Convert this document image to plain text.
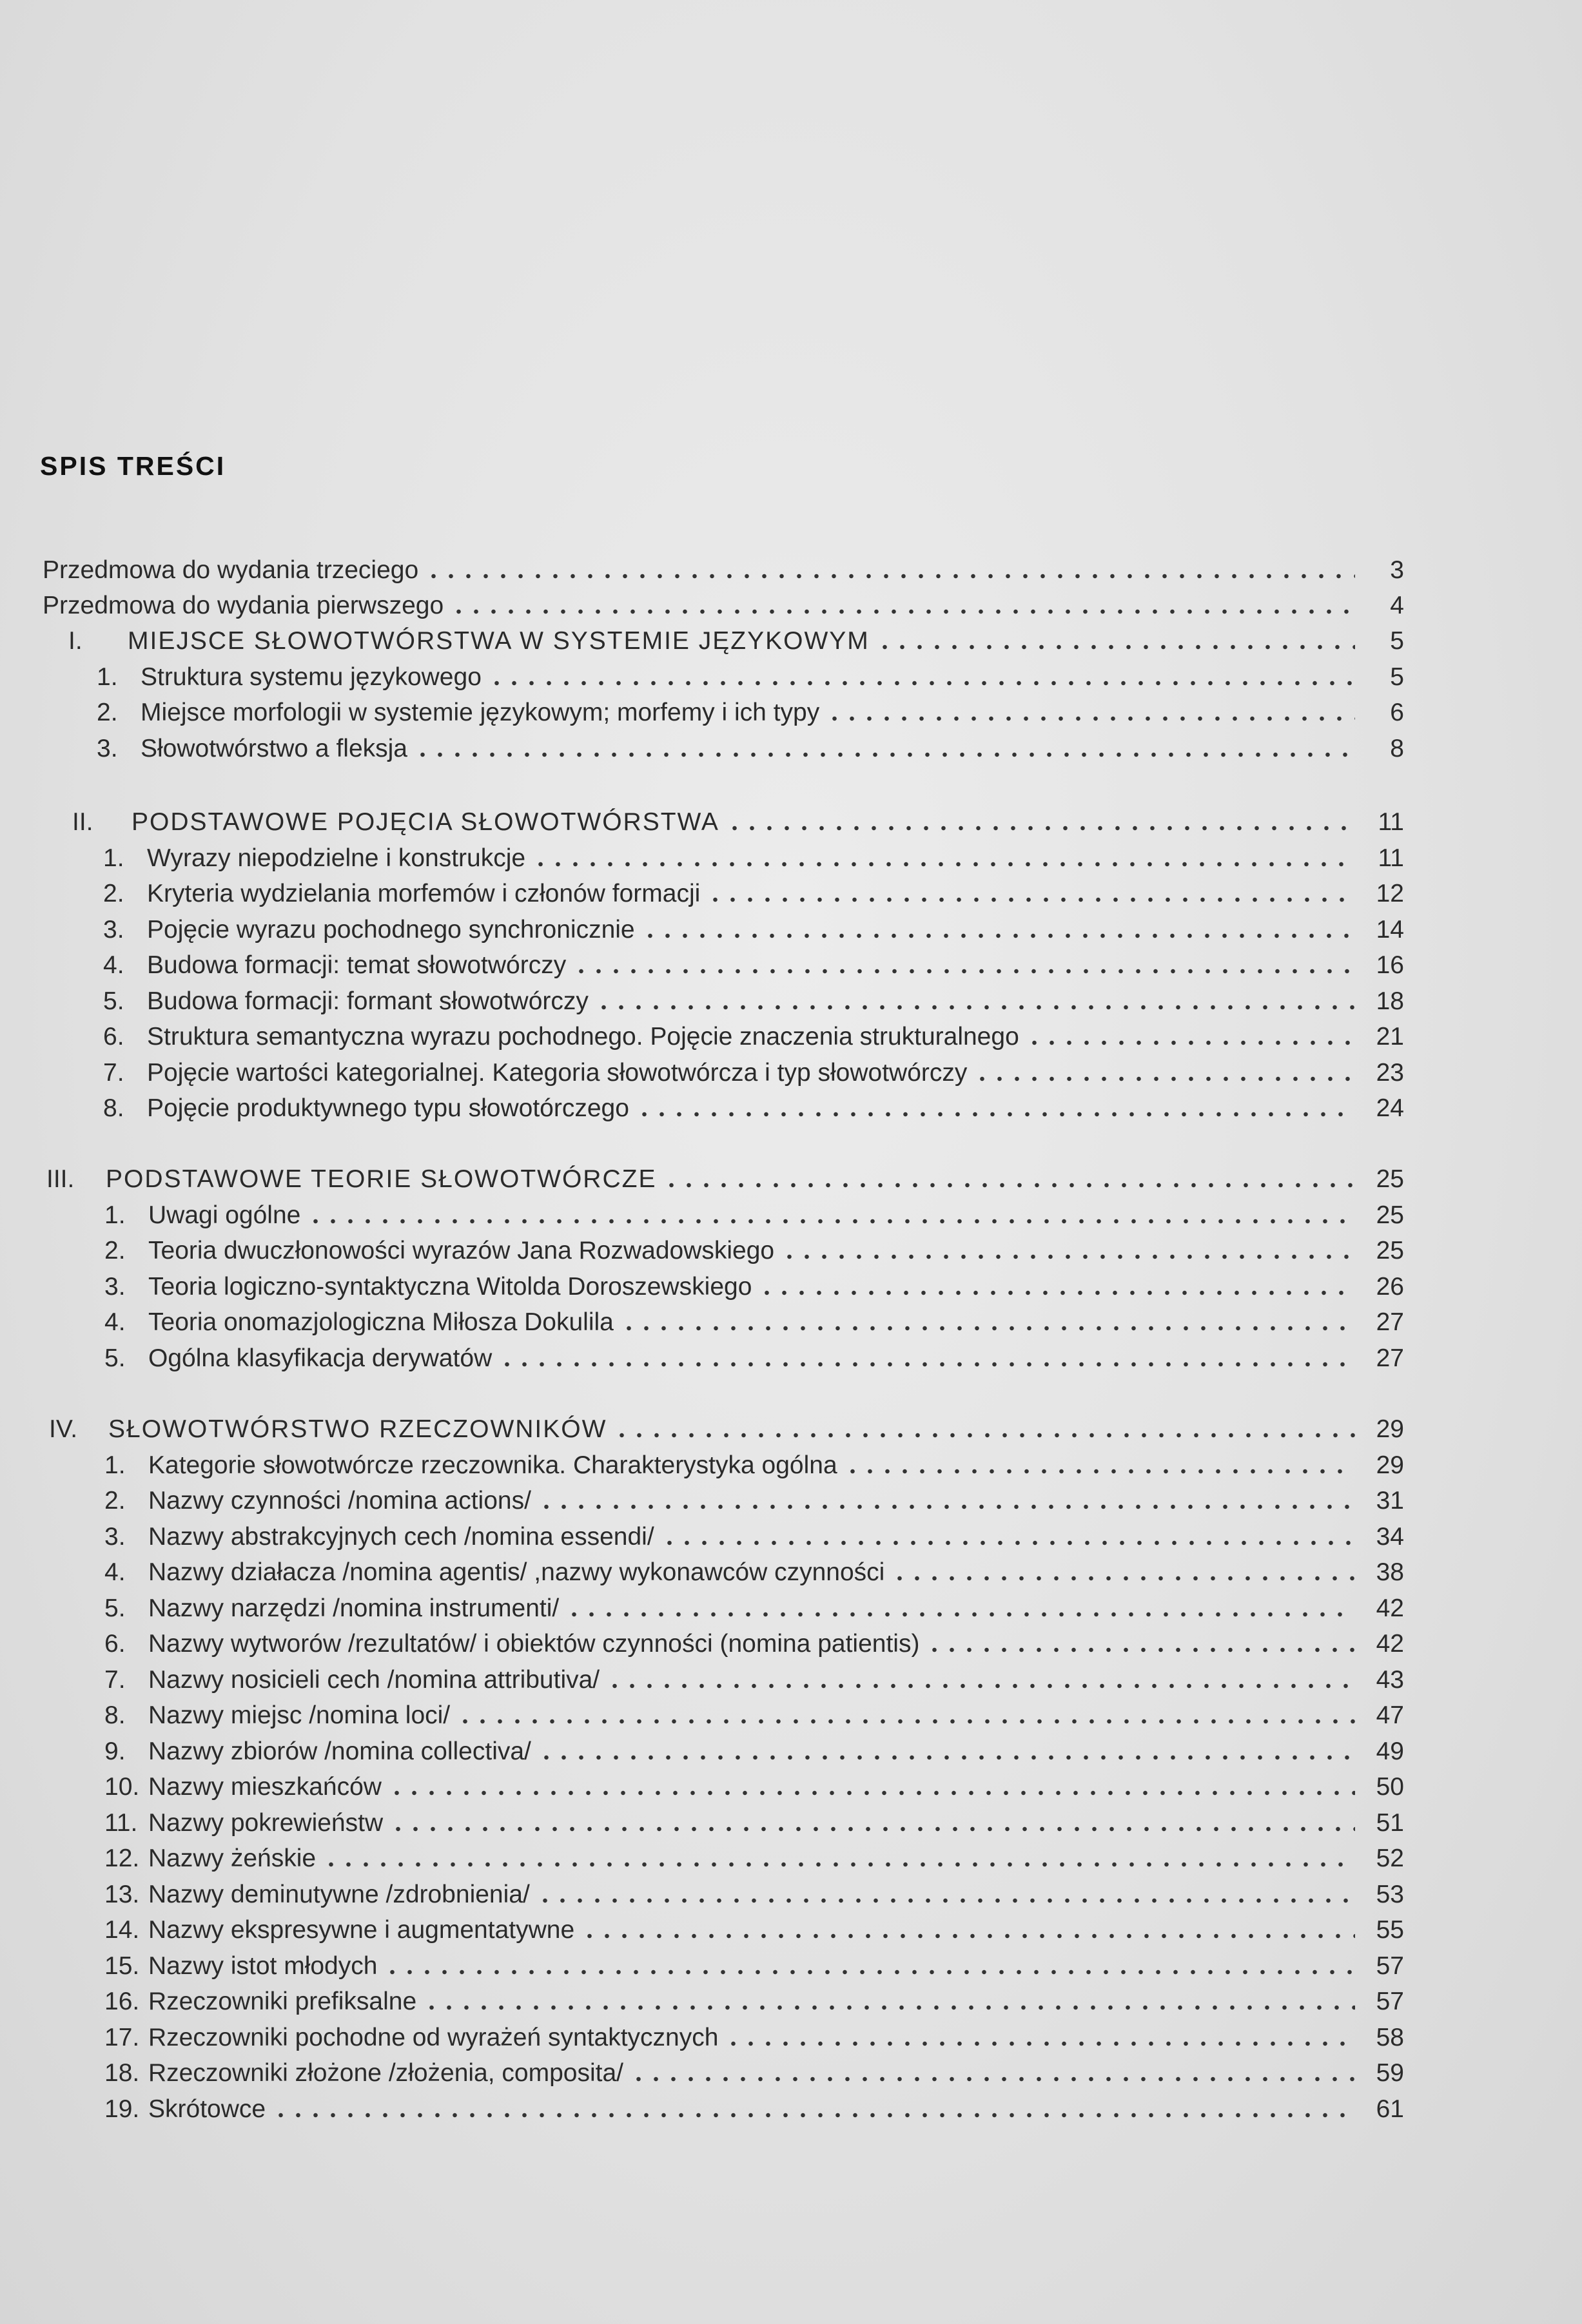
SPIS TREŚCI
Przedmowa do wydania trzeciego	3
Przedmowa do wydania pierwszego	4
I.	MIEJSCE SŁOWOTWÓRSTWA W SYSTEMIE JĘZYKOWYM	5
1. Struktura systemu językowego	5
2. Miejsce morfologii w systemie językowym; morfemy i ich typy	6
3. Słowotwórstwo a fleksja	8
II.	PODSTAWOWE POJĘCIA SŁOWOTWÓRSTWA	11
1. Wyrazy niepodzielne i konstrukcje	11
2. Kryteria wydzielania morfemów i członów formacji	12
3. Pojęcie wyrazu pochodnego synchronicznie	14
4. Budowa formacji: temat słowotwórczy	16
5. Budowa formacji: formant słowotwórczy	18
6. Struktura semantyczna wyrazu pochodnego. Pojęcie znaczenia strukturalnego	21
7. Pojęcie wartości kategorialnej. Kategoria słowotwórcza i typ słowotwórczy	23
8. Pojęcie produktywnego typu słowotórczego	24
III.	PODSTAWOWE TEORIE SŁOWOTWÓRCZE	25
1. Uwagi ogólne	25
2. Teoria dwuczłonowości wyrazów Jana Rozwadowskiego	25
3. Teoria logiczno-syntaktyczna Witolda Doroszewskiego	26
4. Teoria onomazjologiczna Miłosza Dokulila	27
5. Ogólna klasyfikacja derywatów	27
IV.	SŁOWOTWÓRSTWO RZECZOWNIKÓW	29
1. Kategorie słowotwórcze rzeczownika. Charakterystyka ogólna	29
2. Nazwy czynności /nomina actions/	31
3. Nazwy abstrakcyjnych cech /nomina essendi/	34
4. Nazwy działacza /nomina agentis/ ,nazwy wykonawców czynności	38
5. Nazwy narzędzi /nomina instrumenti/	42
6. Nazwy wytworów /rezultatów/ i obiektów czynności (nomina patientis)	42
7. Nazwy nosicieli cech /nomina attributiva/	43
8. Nazwy miejsc /nomina loci/	47
9. Nazwy zbiorów /nomina collectiva/	49
10. Nazwy mieszkańców	50
11. Nazwy pokrewieństw	51
12. Nazwy żeńskie	52
13. Nazwy deminutywne /zdrobnienia/	53
14. Nazwy ekspresywne i augmentatywne	55
15. Nazwy istot młodych	57
16. Rzeczowniki prefiksalne	57
17. Rzeczowniki pochodne od wyrażeń syntaktycznych	58
18. Rzeczowniki złożone /złożenia, composita/	59
19. Skrótowce	61
